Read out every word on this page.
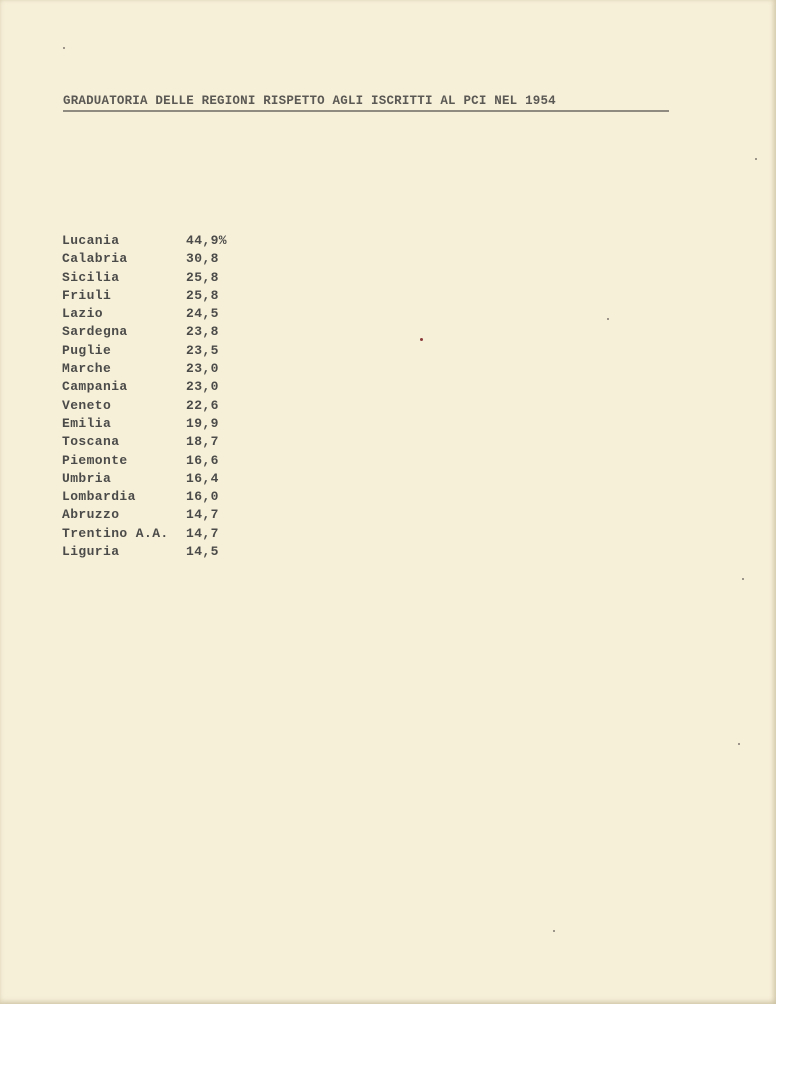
GRADUATORIA DELLE REGIONI RISPETTO AGLI ISCRITTI AL PCI NEL 1954
Lucania	44,9%
Calabria	30,8
Sicilia	25,8
Friuli	25,8
Lazio	24,5
Sardegna	23,8
Puglie	23,5
Marche	23,0
Campania	23,0
Veneto	22,6
Emilia	19,9
Toscana	18,7
Piemonte	16,6
Umbria	16,4
Lombardia	16,0
Abruzzo	14,7
Trentino A.A. 14,7
Liguria	14,5
